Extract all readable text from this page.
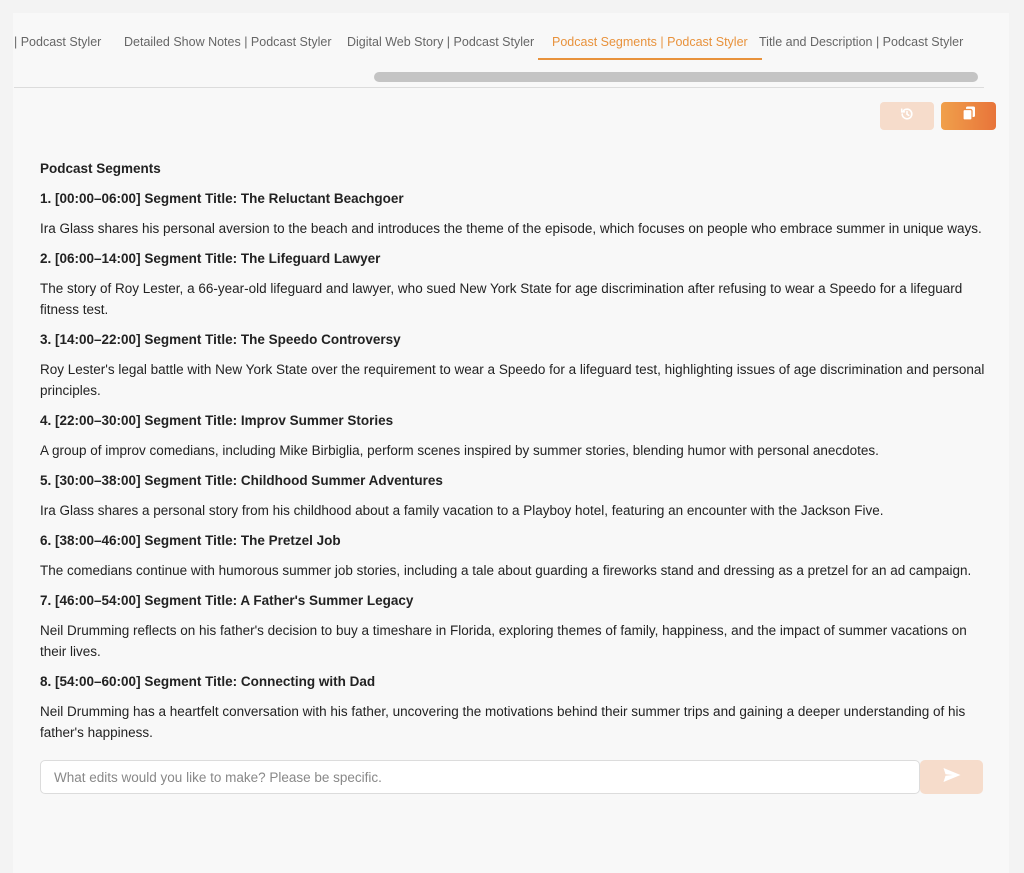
| Podcast Styler Detailed Show Notes | Podcast Styler Digital Web Story | Podcast Styler Podcast Segments | Podcast Styler Title and Description | Podcast Styler
Podcast Segments
1. [00:00–06:00] Segment Title: The Reluctant Beachgoer
Ira Glass shares his personal aversion to the beach and introduces the theme of the episode, which focuses on people who embrace summer in unique ways.
2. [06:00–14:00] Segment Title: The Lifeguard Lawyer
The story of Roy Lester, a 66-year-old lifeguard and lawyer, who sued New York State for age discrimination after refusing to wear a Speedo for a lifeguard fitness test.
3. [14:00–22:00] Segment Title: The Speedo Controversy
Roy Lester's legal battle with New York State over the requirement to wear a Speedo for a lifeguard test, highlighting issues of age discrimination and personal principles.
4. [22:00–30:00] Segment Title: Improv Summer Stories
A group of improv comedians, including Mike Birbiglia, perform scenes inspired by summer stories, blending humor with personal anecdotes.
5. [30:00–38:00] Segment Title: Childhood Summer Adventures
Ira Glass shares a personal story from his childhood about a family vacation to a Playboy hotel, featuring an encounter with the Jackson Five.
6. [38:00–46:00] Segment Title: The Pretzel Job
The comedians continue with humorous summer job stories, including a tale about guarding a fireworks stand and dressing as a pretzel for an ad campaign.
7. [46:00–54:00] Segment Title: A Father's Summer Legacy
Neil Drumming reflects on his father's decision to buy a timeshare in Florida, exploring themes of family, happiness, and the impact of summer vacations on their lives.
8. [54:00–60:00] Segment Title: Connecting with Dad
Neil Drumming has a heartfelt conversation with his father, uncovering the motivations behind their summer trips and gaining a deeper understanding of his father's happiness.
What edits would you like to make? Please be specific.
